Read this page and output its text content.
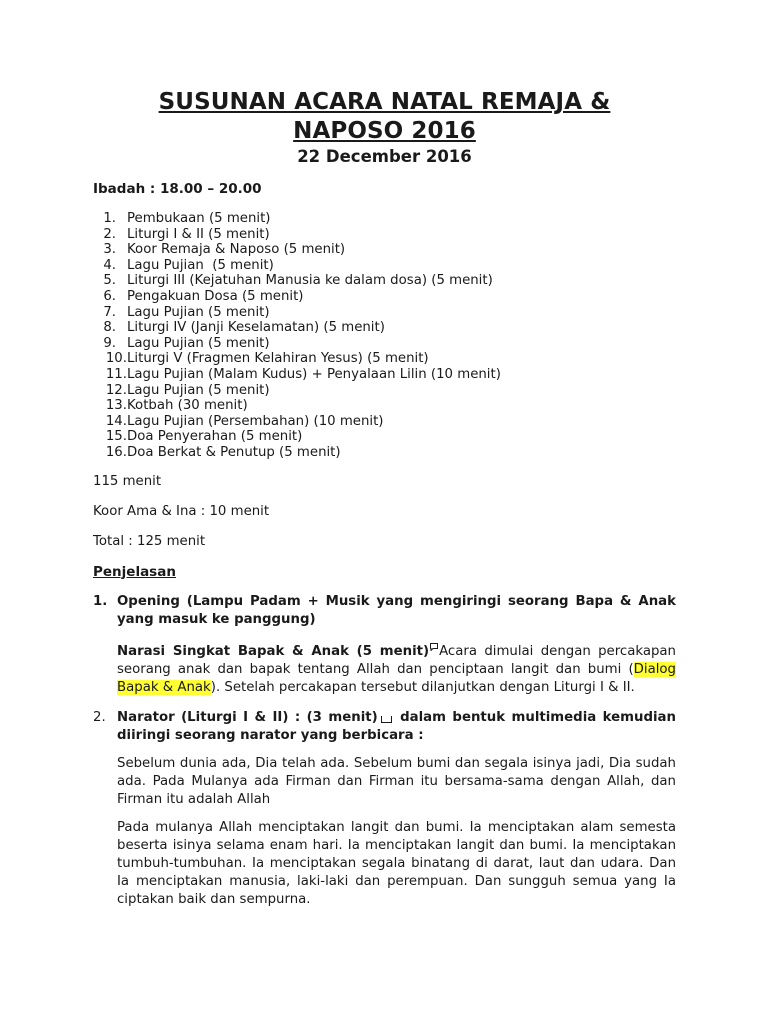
SUSUNAN ACARA NATAL REMAJA &
NAPOSO 2016
22 December 2016
Ibadah : 18.00 – 20.00
1. Pembukaan (5 menit)
2. Liturgi I & II (5 menit)
3. Koor Remaja & Naposo (5 menit)
4. Lagu Pujian  (5 menit)
5. Liturgi III (Kejatuhan Manusia ke dalam dosa) (5 menit)
6. Pengakuan Dosa (5 menit)
7. Lagu Pujian (5 menit)
8. Liturgi IV (Janji Keselamatan) (5 menit)
9. Lagu Pujian (5 menit)
10. Liturgi V (Fragmen Kelahiran Yesus) (5 menit)
11. Lagu Pujian (Malam Kudus) + Penyalaan Lilin (10 menit)
12. Lagu Pujian (5 menit)
13. Kotbah (30 menit)
14. Lagu Pujian (Persembahan) (10 menit)
15. Doa Penyerahan (5 menit)
16. Doa Berkat & Penutup (5 menit)
115 menit
Koor Ama & Ina : 10 menit
Total : 125 menit
Penjelasan
1. Opening (Lampu Padam + Musik yang mengiringi seorang Bapa & Anak yang masuk ke panggung)
Narasi Singkat Bapak & Anak (5 menit) Acara dimulai dengan percakapan seorang anak dan bapak tentang Allah dan penciptaan langit dan bumi (Dialog Bapak & Anak). Setelah percakapan tersebut dilanjutkan dengan Liturgi I & II.
2. Narator (Liturgi I & II) : (3 menit) dalam bentuk multimedia kemudian diiringi seorang narator yang berbicara :
Sebelum dunia ada, Dia telah ada. Sebelum bumi dan segala isinya jadi, Dia sudah ada. Pada Mulanya ada Firman dan Firman itu bersama-sama dengan Allah, dan Firman itu adalah Allah
Pada mulanya Allah menciptakan langit dan bumi. Ia menciptakan alam semesta beserta isinya selama enam hari. Ia menciptakan langit dan bumi. Ia menciptakan tumbuh-tumbuhan. Ia menciptakan segala binatang di darat, laut dan udara. Dan Ia menciptakan manusia, laki-laki dan perempuan. Dan sungguh semua yang Ia ciptakan baik dan sempurna.
